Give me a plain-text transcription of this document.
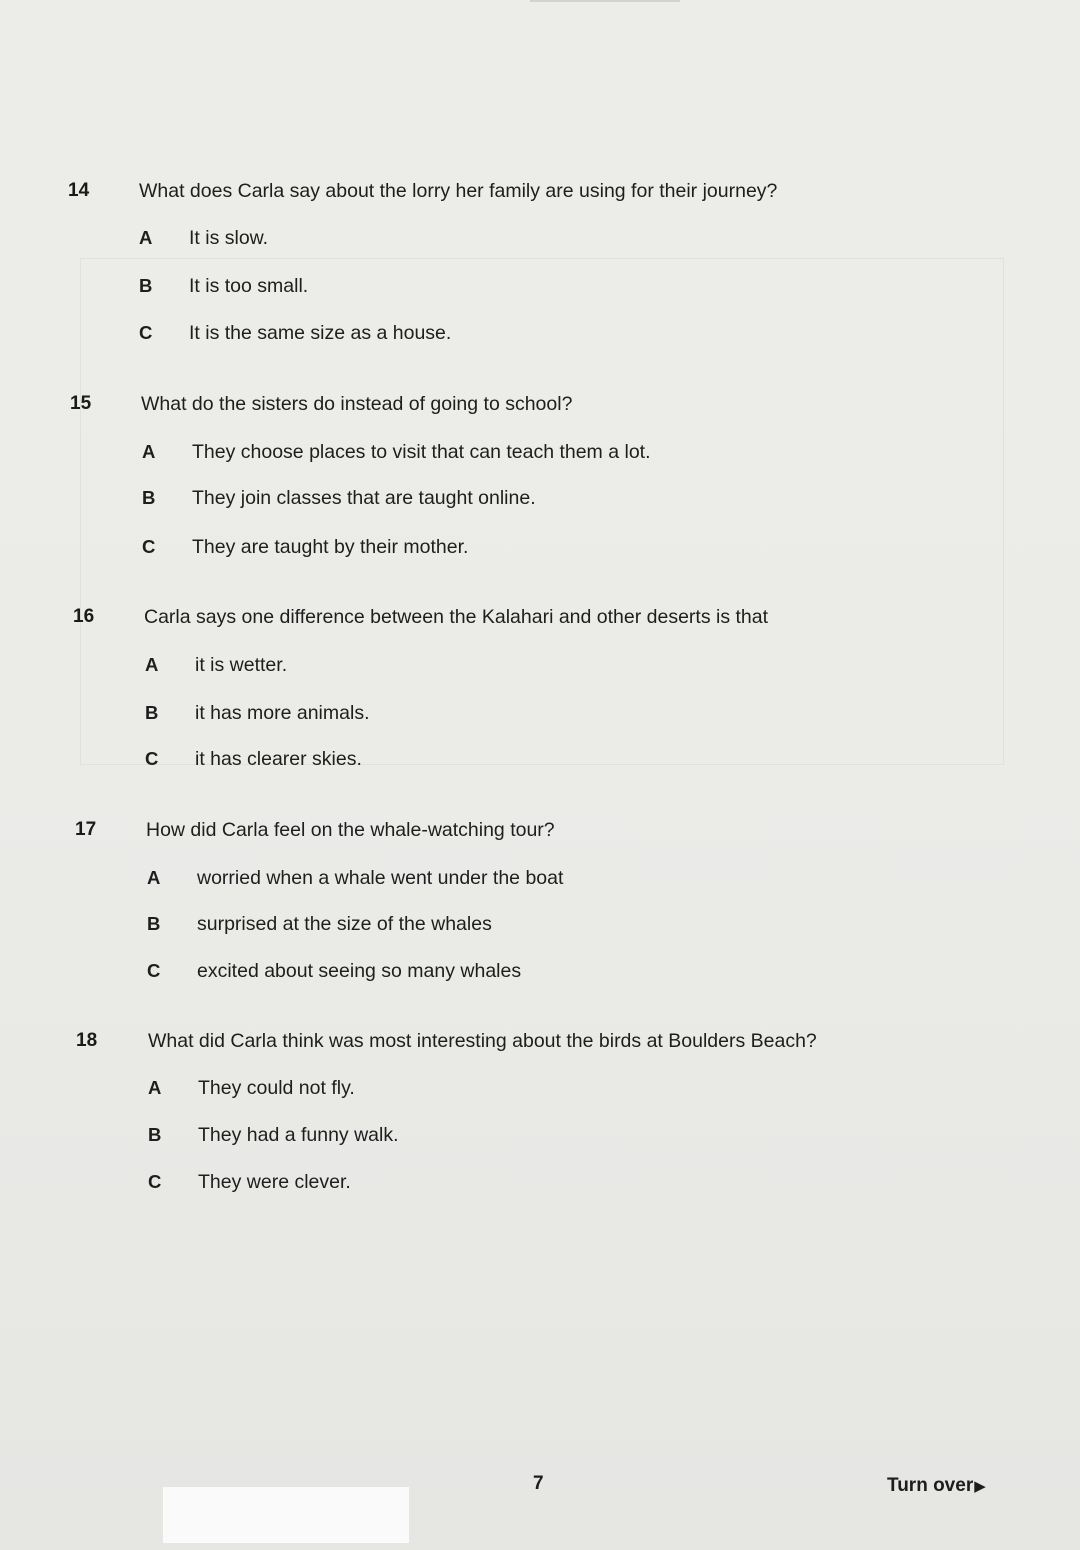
14	What does Carla say about the lorry her family are using for their journey?
A It is slow.
B It is too small.
C It is the same size as a house.
15	What do the sisters do instead of going to school?
A They choose places to visit that can teach them a lot.
B They join classes that are taught online.
C They are taught by their mother.
16	Carla says one difference between the Kalahari and other deserts is that
A it is wetter.
B it has more animals.
C it has clearer skies.
17	How did Carla feel on the whale-watching tour?
A worried when a whale went under the boat
B surprised at the size of the whales
C excited about seeing so many whales
18	What did Carla think was most interesting about the birds at Boulders Beach?
A They could not fly.
B They had a funny walk.
C They were clever.
7	Turn over▶
